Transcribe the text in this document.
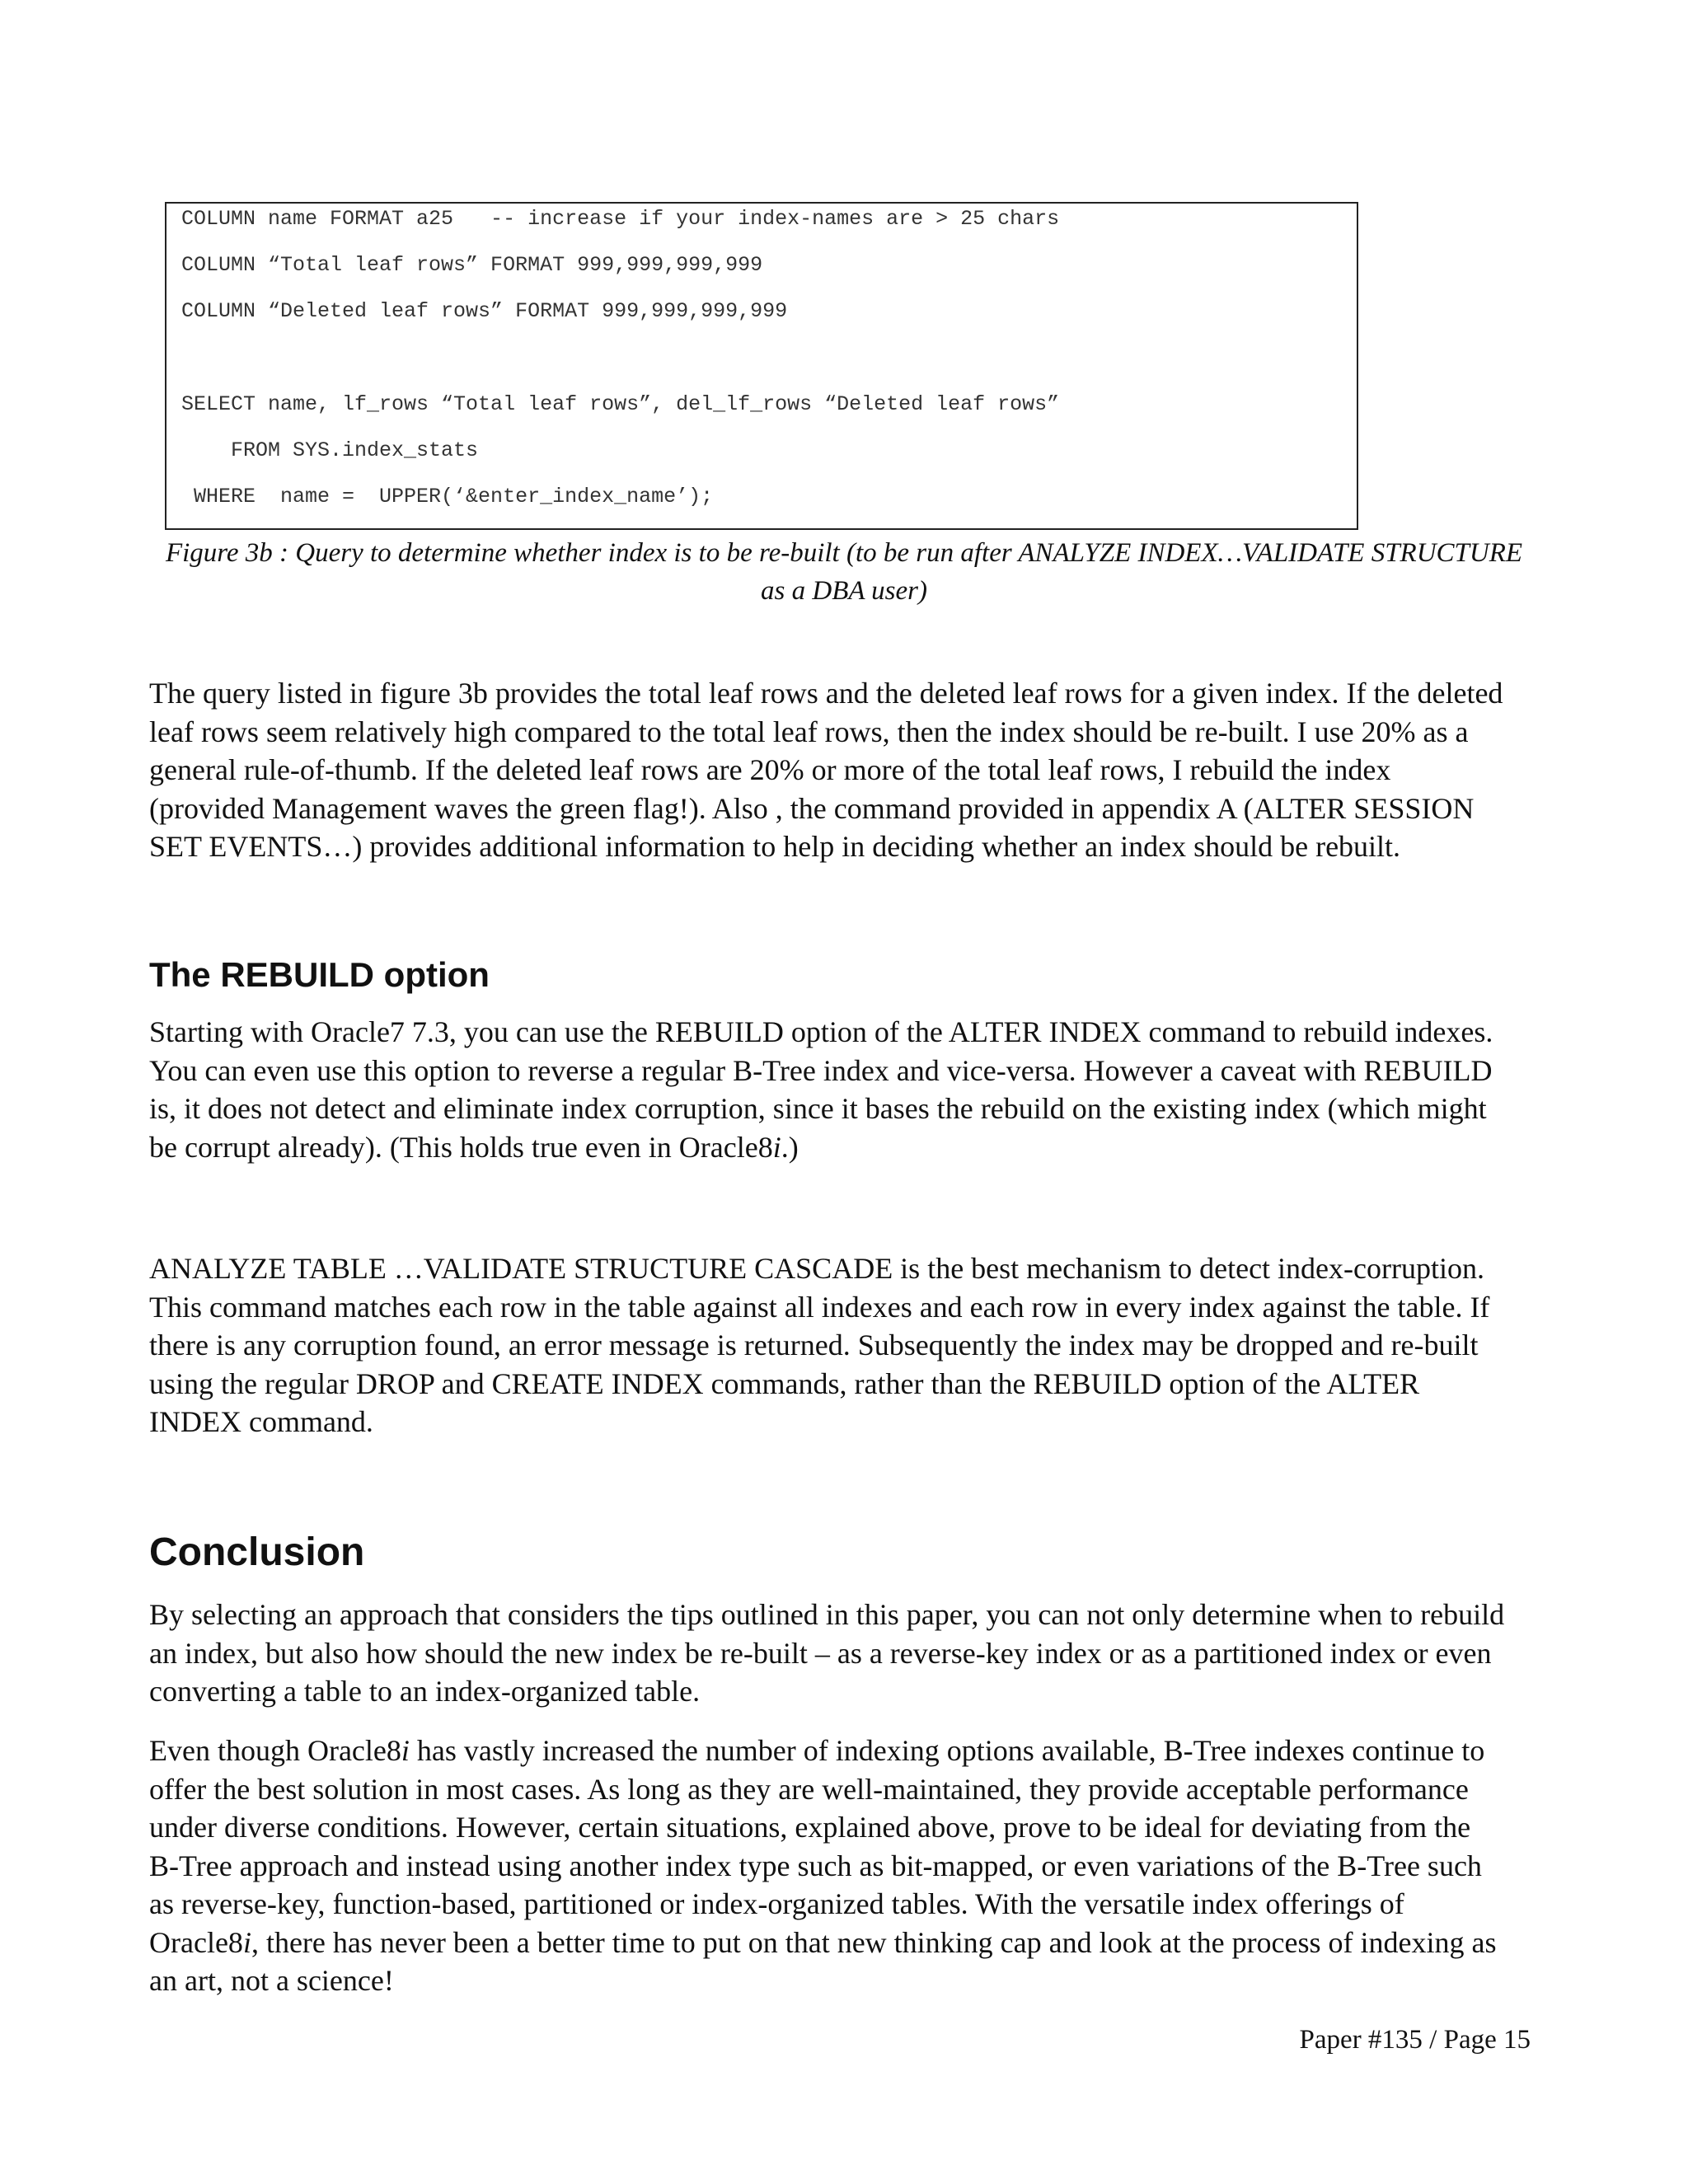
COLUMN name FORMAT a25   -- increase if your index-names are > 25 chars
COLUMN “Total leaf rows” FORMAT 999,999,999,999
COLUMN “Deleted leaf rows” FORMAT 999,999,999,999
SELECT name, lf_rows “Total leaf rows”, del_lf_rows “Deleted leaf rows”
FROM SYS.index_stats
WHERE  name =  UPPER(‘&enter_index_name’);
Figure 3b : Query to determine whether index is to be re-built (to be run after ANALYZE INDEX…VALIDATE STRUCTURE
as a DBA user)
The query listed in figure 3b provides the total leaf rows and the deleted leaf rows for a given index. If the deleted
leaf rows seem relatively high compared to the total leaf rows, then the index should be re-built. I use 20% as a
general rule-of-thumb. If the deleted leaf rows are 20% or more of the total leaf rows, I rebuild the index
(provided Management waves the green flag!). Also , the command provided in appendix A (ALTER SESSION
SET EVENTS…) provides additional information to help in deciding whether an index should be rebuilt.
The REBUILD option
Starting with Oracle7 7.3, you can use the REBUILD option of the ALTER INDEX command to rebuild indexes.
You can even use this option to reverse a regular B-Tree index and vice-versa. However a caveat with REBUILD
is, it does not detect and eliminate index corruption, since it bases the rebuild on the existing index (which might
be corrupt already). (This holds true even in Oracle8i.)
ANALYZE TABLE …VALIDATE STRUCTURE CASCADE is the best mechanism to detect index-corruption.
This command matches each row in the table against all indexes and each row in every index against the table. If
there is any corruption found, an error message is returned. Subsequently the index may be dropped and re-built
using the regular DROP and CREATE INDEX commands, rather than the REBUILD option of the ALTER
INDEX command.
Conclusion
By selecting an approach that considers the tips outlined in this paper, you can not only determine when to rebuild
an index, but also how should the new index be re-built – as a reverse-key index or as a partitioned index or even
converting a table to an index-organized table.
Even though Oracle8i has vastly increased the number of indexing options available, B-Tree indexes continue to
offer the best solution in most cases. As long as they are well-maintained, they provide acceptable performance
under diverse conditions. However, certain situations, explained above, prove to be ideal for deviating from the
B-Tree approach and instead using another index type such as bit-mapped, or even variations of the B-Tree such
as reverse-key, function-based, partitioned or index-organized tables. With the versatile index offerings of
Oracle8i, there has never been a better time to put on that new thinking cap and look at the process of indexing as
an art, not a science!
Paper #135 / Page 15
